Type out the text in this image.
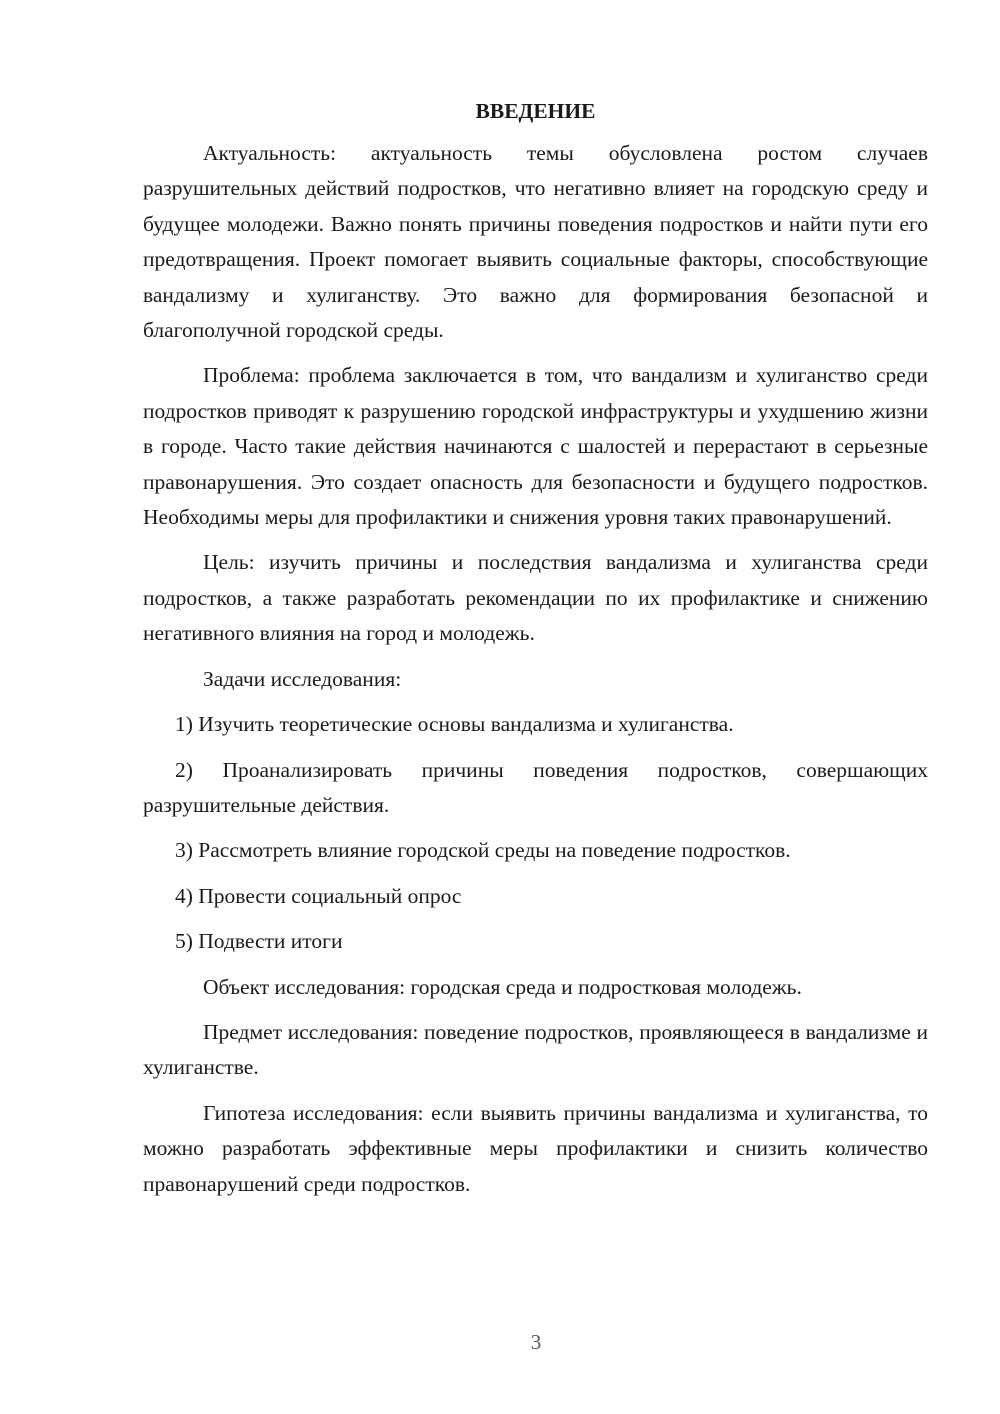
ВВЕДЕНИЕ

Актуальность: актуальность темы обусловлена ростом случаев разрушительных действий подростков, что негативно влияет на городскую среду и будущее молодежи. Важно понять причины поведения подростков и найти пути его предотвращения. Проект помогает выявить социальные факторы, способствующие вандализму и хулиганству. Это важно для формирования безопасной и благополучной городской среды.

Проблема: проблема заключается в том, что вандализм и хулиганство среди подростков приводят к разрушению городской инфраструктуры и ухудшению жизни в городе. Часто такие действия начинаются с шалостей и перерастают в серьезные правонарушения. Это создает опасность для безопасности и будущего подростков. Необходимы меры для профилактики и снижения уровня таких правонарушений.

Цель: изучить причины и последствия вандализма и хулиганства среди подростков, а также разработать рекомендации по их профилактике и снижению негативного влияния на город и молодежь.

Задачи исследования:

1) Изучить теоретические основы вандализма и хулиганства.

2) Проанализировать причины поведения подростков, совершающих разрушительные действия.

3) Рассмотреть влияние городской среды на поведение подростков.

4) Провести социальный опрос

5) Подвести итоги

Объект исследования: городская среда и подростковая молодежь.

Предмет исследования: поведение подростков, проявляющееся в вандализме и хулиганстве.

Гипотеза исследования: если выявить причины вандализма и хулиганства, то можно разработать эффективные меры профилактики и снизить количество правонарушений среди подростков.

3
